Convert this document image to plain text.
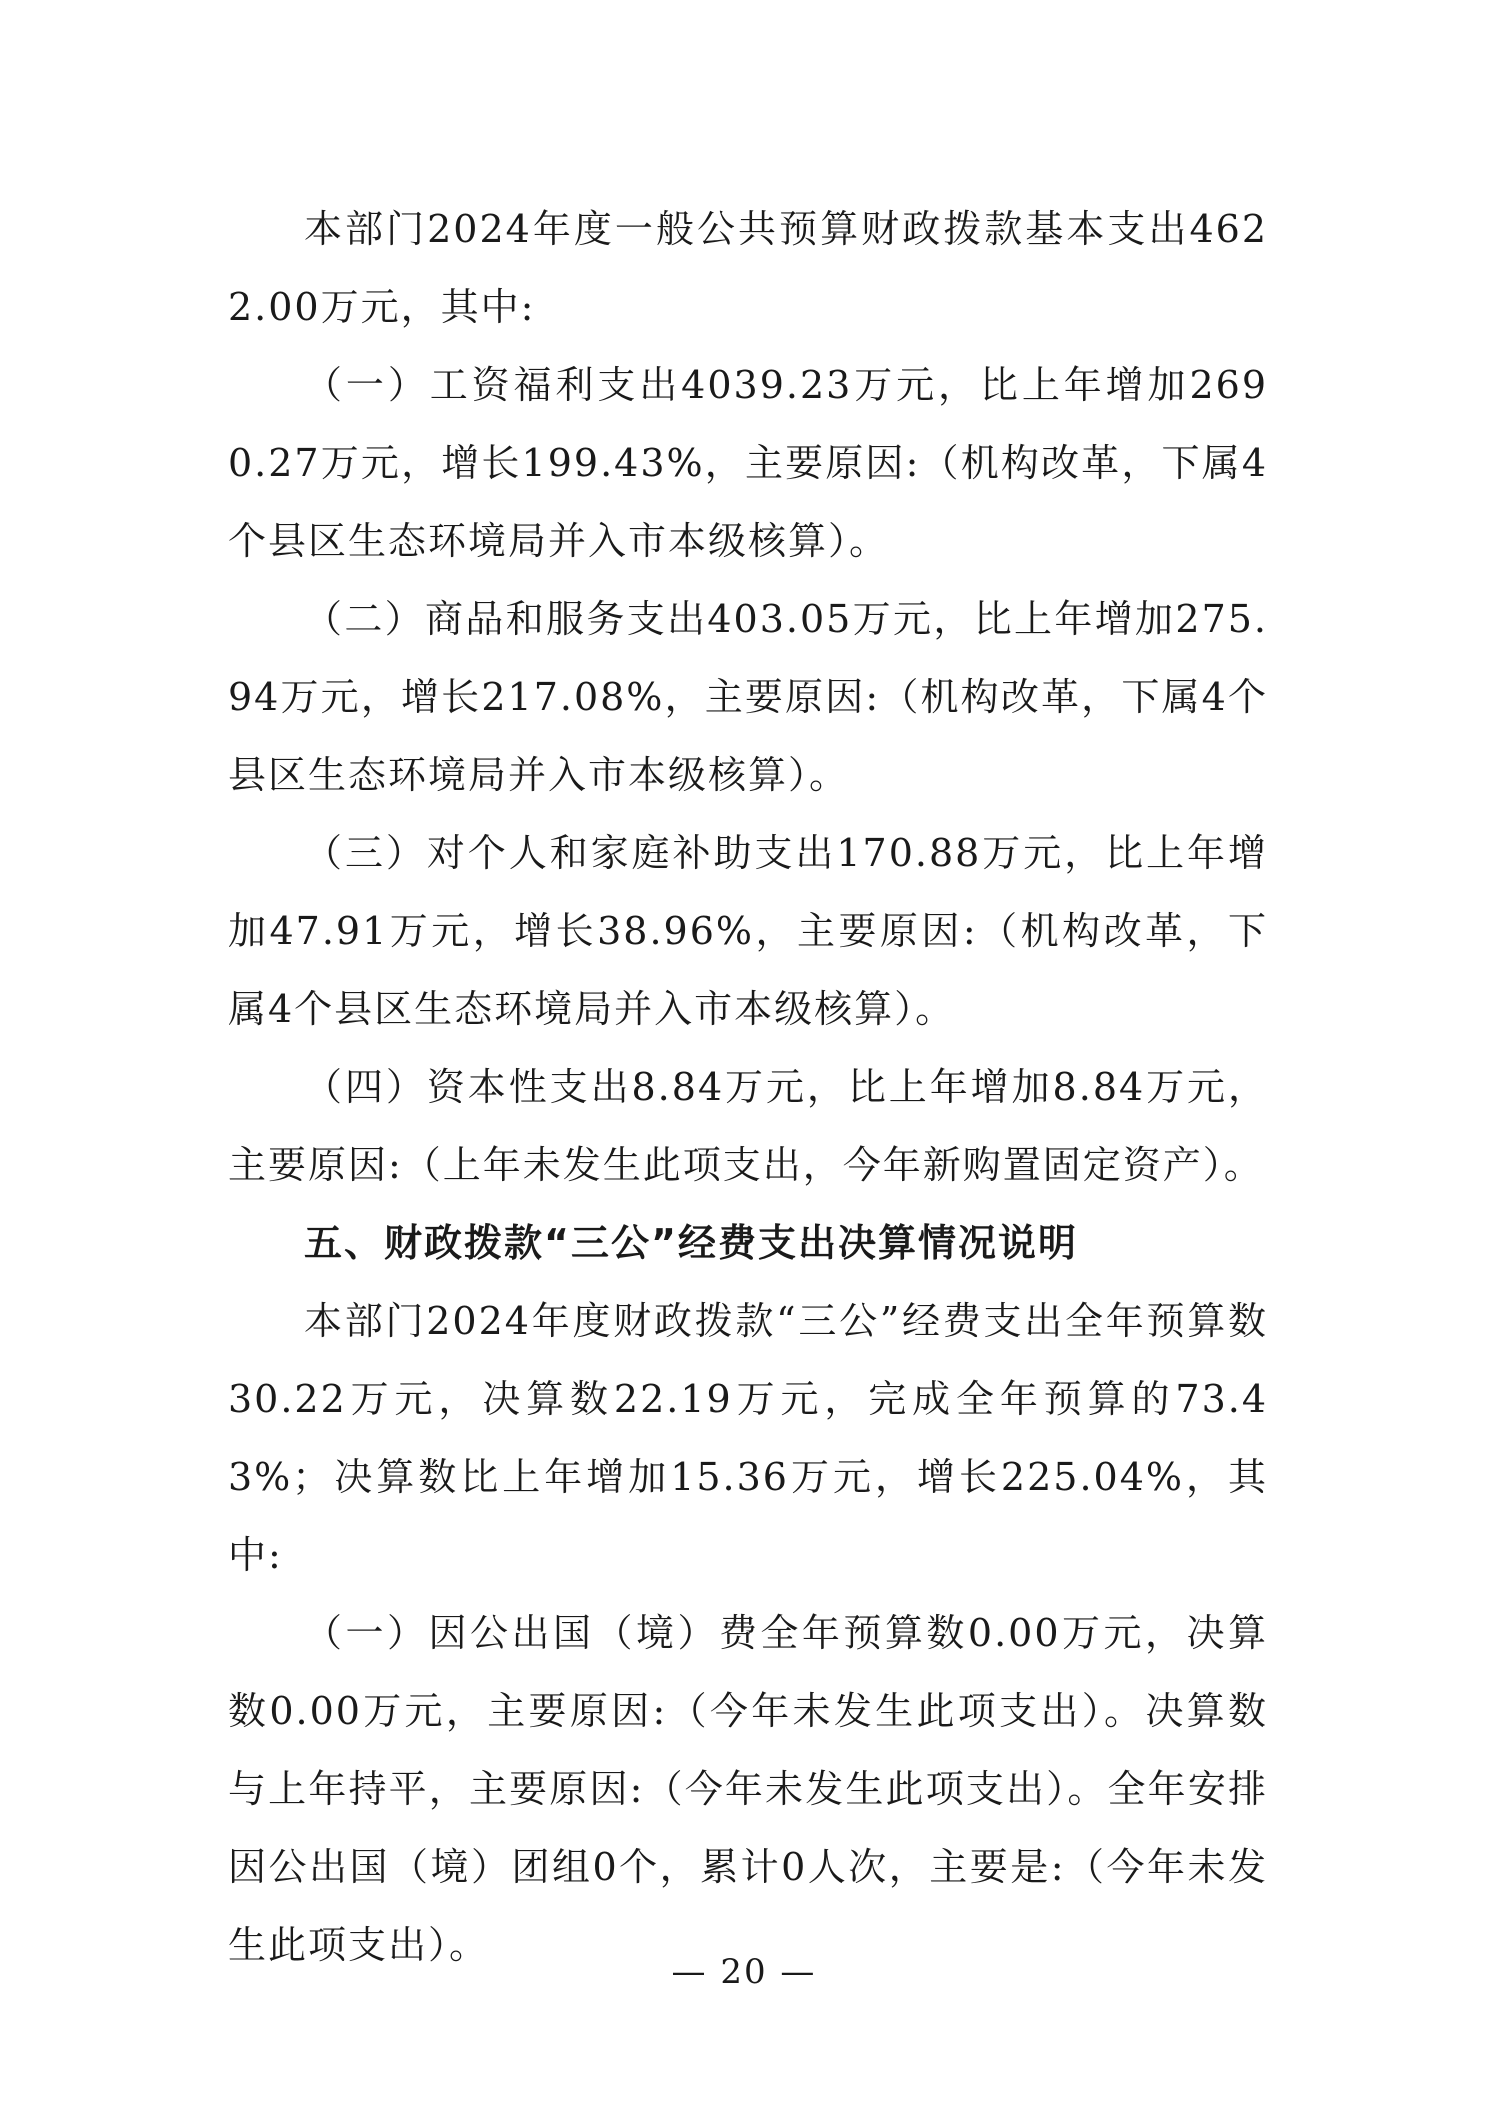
本部门2024年度一般公共预算财政拨款基本支出4622.00万元，其中:

（一）工资福利支出4039.23万元，比上年增加2690.27万元，增长199.43%，主要原因:（机构改革，下属4个县区生态环境局并入市本级核算）。

（二）商品和服务支出403.05万元，比上年增加275.94万元，增长217.08%，主要原因:（机构改革，下属4个县区生态环境局并入市本级核算）。

（三）对个人和家庭补助支出170.88万元，比上年增加47.91万元，增长38.96%，主要原因:（机构改革，下属4个县区生态环境局并入市本级核算）。

（四）资本性支出8.84万元，比上年增加8.84万元，主要原因:（上年未发生此项支出，今年新购置固定资产）。

五、财政拨款“三公”经费支出决算情况说明

本部门2024年度财政拨款“三公”经费支出全年预算数30.22万元，决算数22.19万元，完成全年预算的73.43%；决算数比上年增加15.36万元，增长225.04%，其中:

（一）因公出国（境）费全年预算数0.00万元，决算数0.00万元，主要原因:（今年未发生此项支出）。决算数与上年持平，主要原因:（今年未发生此项支出）。全年安排因公出国（境）团组0个，累计0人次，主要是:（今年未发生此项支出）。

— 20 —
